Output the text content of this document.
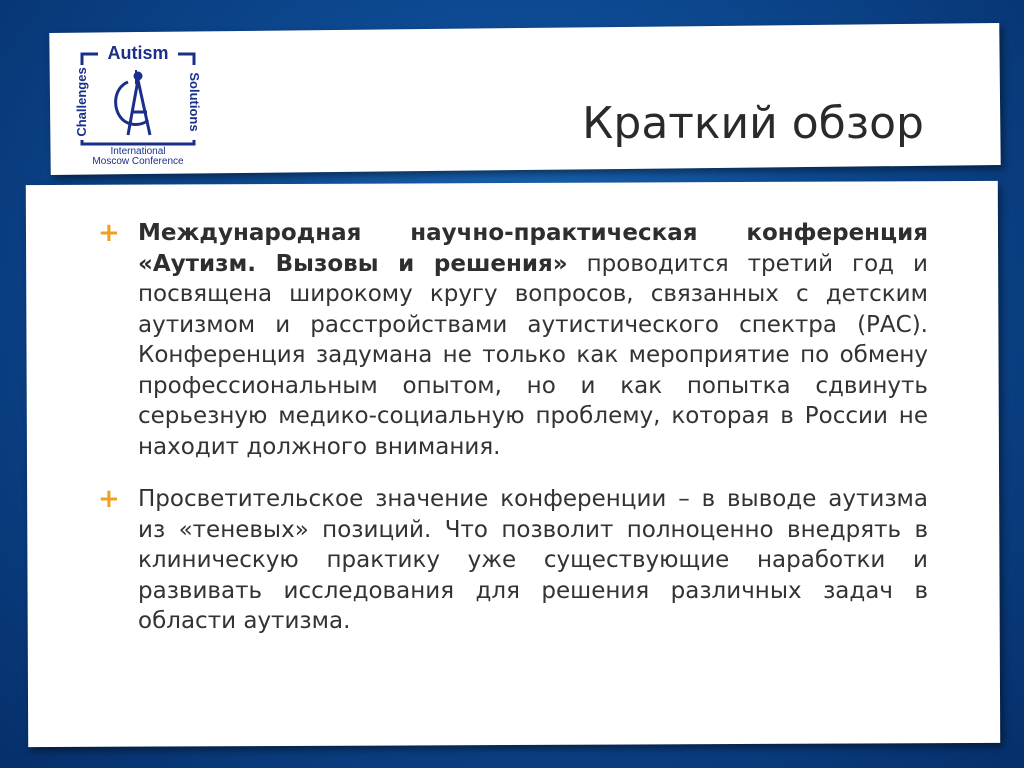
Autism
Challenges	Solutions
International
Moscow Conference
Краткий обзор

+ Международная научно-практическая конференция «Аутизм. Вызовы и решения» проводится третий год и посвящена широкому кругу вопросов, связанных с детским аутизмом и расстройствами аутистического спектра (РАС). Конференция задумана не только как мероприятие по обмену профессиональным опытом, но и как попытка сдвинуть серьезную медико-социальную проблему, которая в России не находит должного внимания.

+ Просветительское значение конференции – в выводе аутизма из «теневых» позиций. Что позволит полноценно внедрять в клиническую практику уже существующие наработки и развивать исследования для решения различных задач в области аутизма.
